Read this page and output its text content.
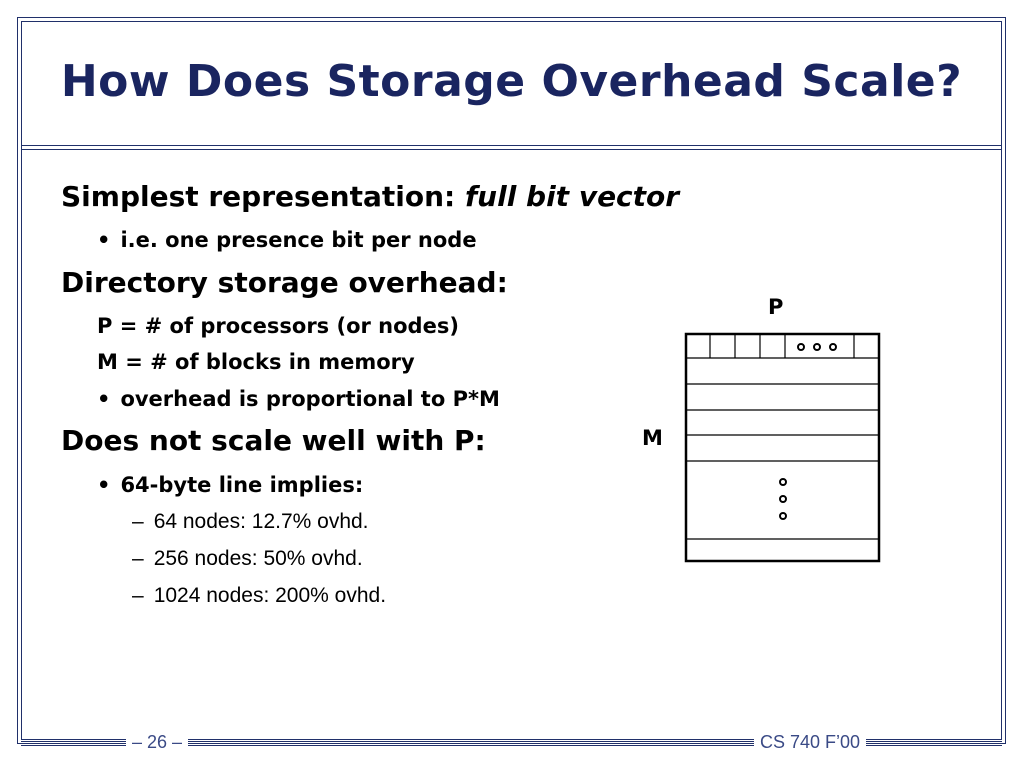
How Does Storage Overhead Scale?
Simplest representation: full bit vector
• i.e. one presence bit per node
Directory storage overhead:
P = # of processors (or nodes)
M = # of blocks in memory
• overhead is proportional to P*M
Does not scale well with P:
• 64-byte line implies:
– 64 nodes: 12.7% ovhd.
– 256 nodes: 50% ovhd.
– 1024 nodes: 200% ovhd.
P
M
– 26 –	CS 740 F’00
